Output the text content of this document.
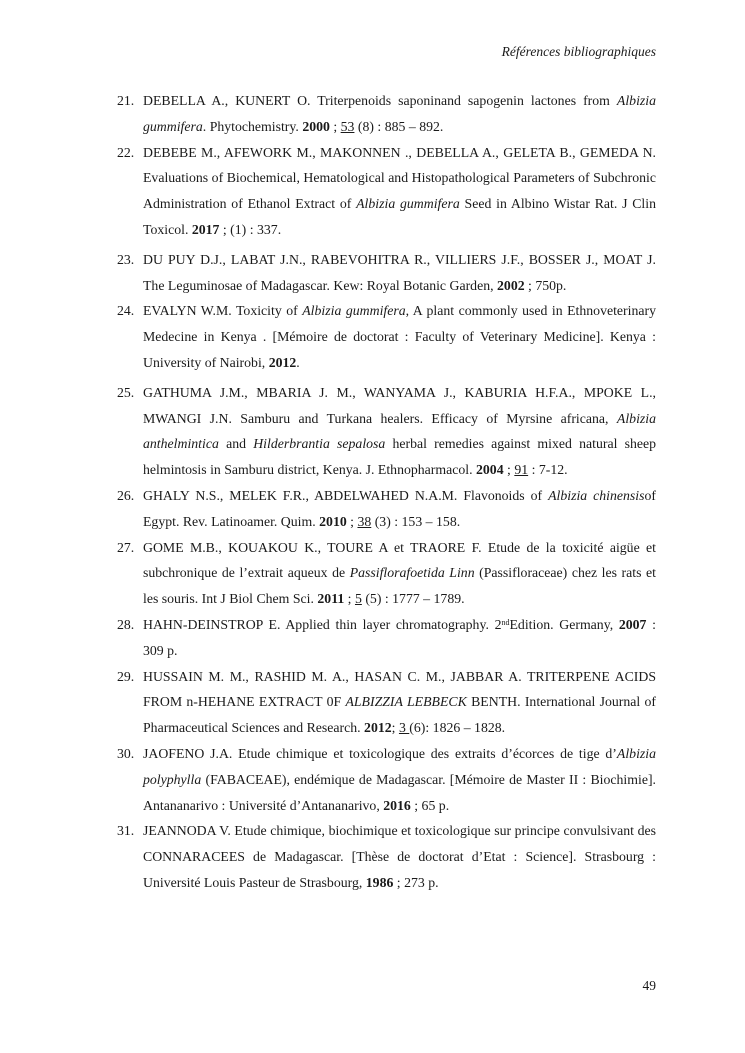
Références bibliographiques
21. DEBELLA A., KUNERT O. Triterpenoids saponinand sapogenin lactones from Albizia gummifera. Phytochemistry. 2000 ; 53 (8) : 885 – 892.
22. DEBEBE M., AFEWORK M., MAKONNEN ., DEBELLA A., GELETA B., GEMEDA N. Evaluations of Biochemical, Hematological and Histopathological Parameters of Subchronic Administration of Ethanol Extract of Albizia gummifera Seed in Albino Wistar Rat. J Clin Toxicol. 2017 ; (1) : 337.
23. DU PUY D.J., LABAT J.N., RABEVOHITRA R., VILLIERS J.F., BOSSER J., MOAT J. The Leguminosae of Madagascar. Kew: Royal Botanic Garden, 2002 ; 750p.
24. EVALYN W.M. Toxicity of Albizia gummifera, A plant commonly used in Ethnoveterinary Medecine in Kenya . [Mémoire de doctorat : Faculty of Veterinary Medicine]. Kenya : University of Nairobi, 2012.
25. GATHUMA J.M., MBARIA J. M., WANYAMA J., KABURIA H.F.A., MPOKE L., MWANGI J.N. Samburu and Turkana healers. Efficacy of Myrsine africana, Albizia anthelmintica and Hilderbrantia sepalosa herbal remedies against mixed natural sheep helmintosis in Samburu district, Kenya. J. Ethnopharmacol. 2004 ; 91 : 7-12.
26. GHALY N.S., MELEK F.R., ABDELWAHED N.A.M. Flavonoids of Albizia chinensisof Egypt. Rev. Latinoamer. Quim. 2010 ; 38 (3) : 153 – 158.
27. GOME M.B., KOUAKOU K., TOURE A et TRAORE F. Etude de la toxicité aigüe et subchronique de l’extrait aqueux de Passiflorafoetida Linn (Passifloraceae) chez les rats et les souris. Int J Biol Chem Sci. 2011 ; 5 (5) : 1777 – 1789.
28. HAHN-DEINSTROP E. Applied thin layer chromatography. 2ndEdition. Germany, 2007 : 309 p.
29. HUSSAIN M. M., RASHID M. A., HASAN C. M., JABBAR A. TRITERPENE ACIDS FROM n-HEHANE EXTRACT 0F ALBIZZIA LEBBECK BENTH. International Journal of Pharmaceutical Sciences and Research. 2012; 3 (6): 1826 – 1828.
30. JAOFENO J.A. Etude chimique et toxicologique des extraits d’écorces de tige d’Albizia polyphylla (FABACEAE), endémique de Madagascar. [Mémoire de Master II : Biochimie]. Antananarivo : Université d’Antananarivo, 2016 ; 65 p.
31. JEANNODA V. Etude chimique, biochimique et toxicologique sur principe convulsivant des CONNARACEES de Madagascar. [Thèse de doctorat d’Etat : Science]. Strasbourg : Université Louis Pasteur de Strasbourg, 1986 ; 273 p.
49
